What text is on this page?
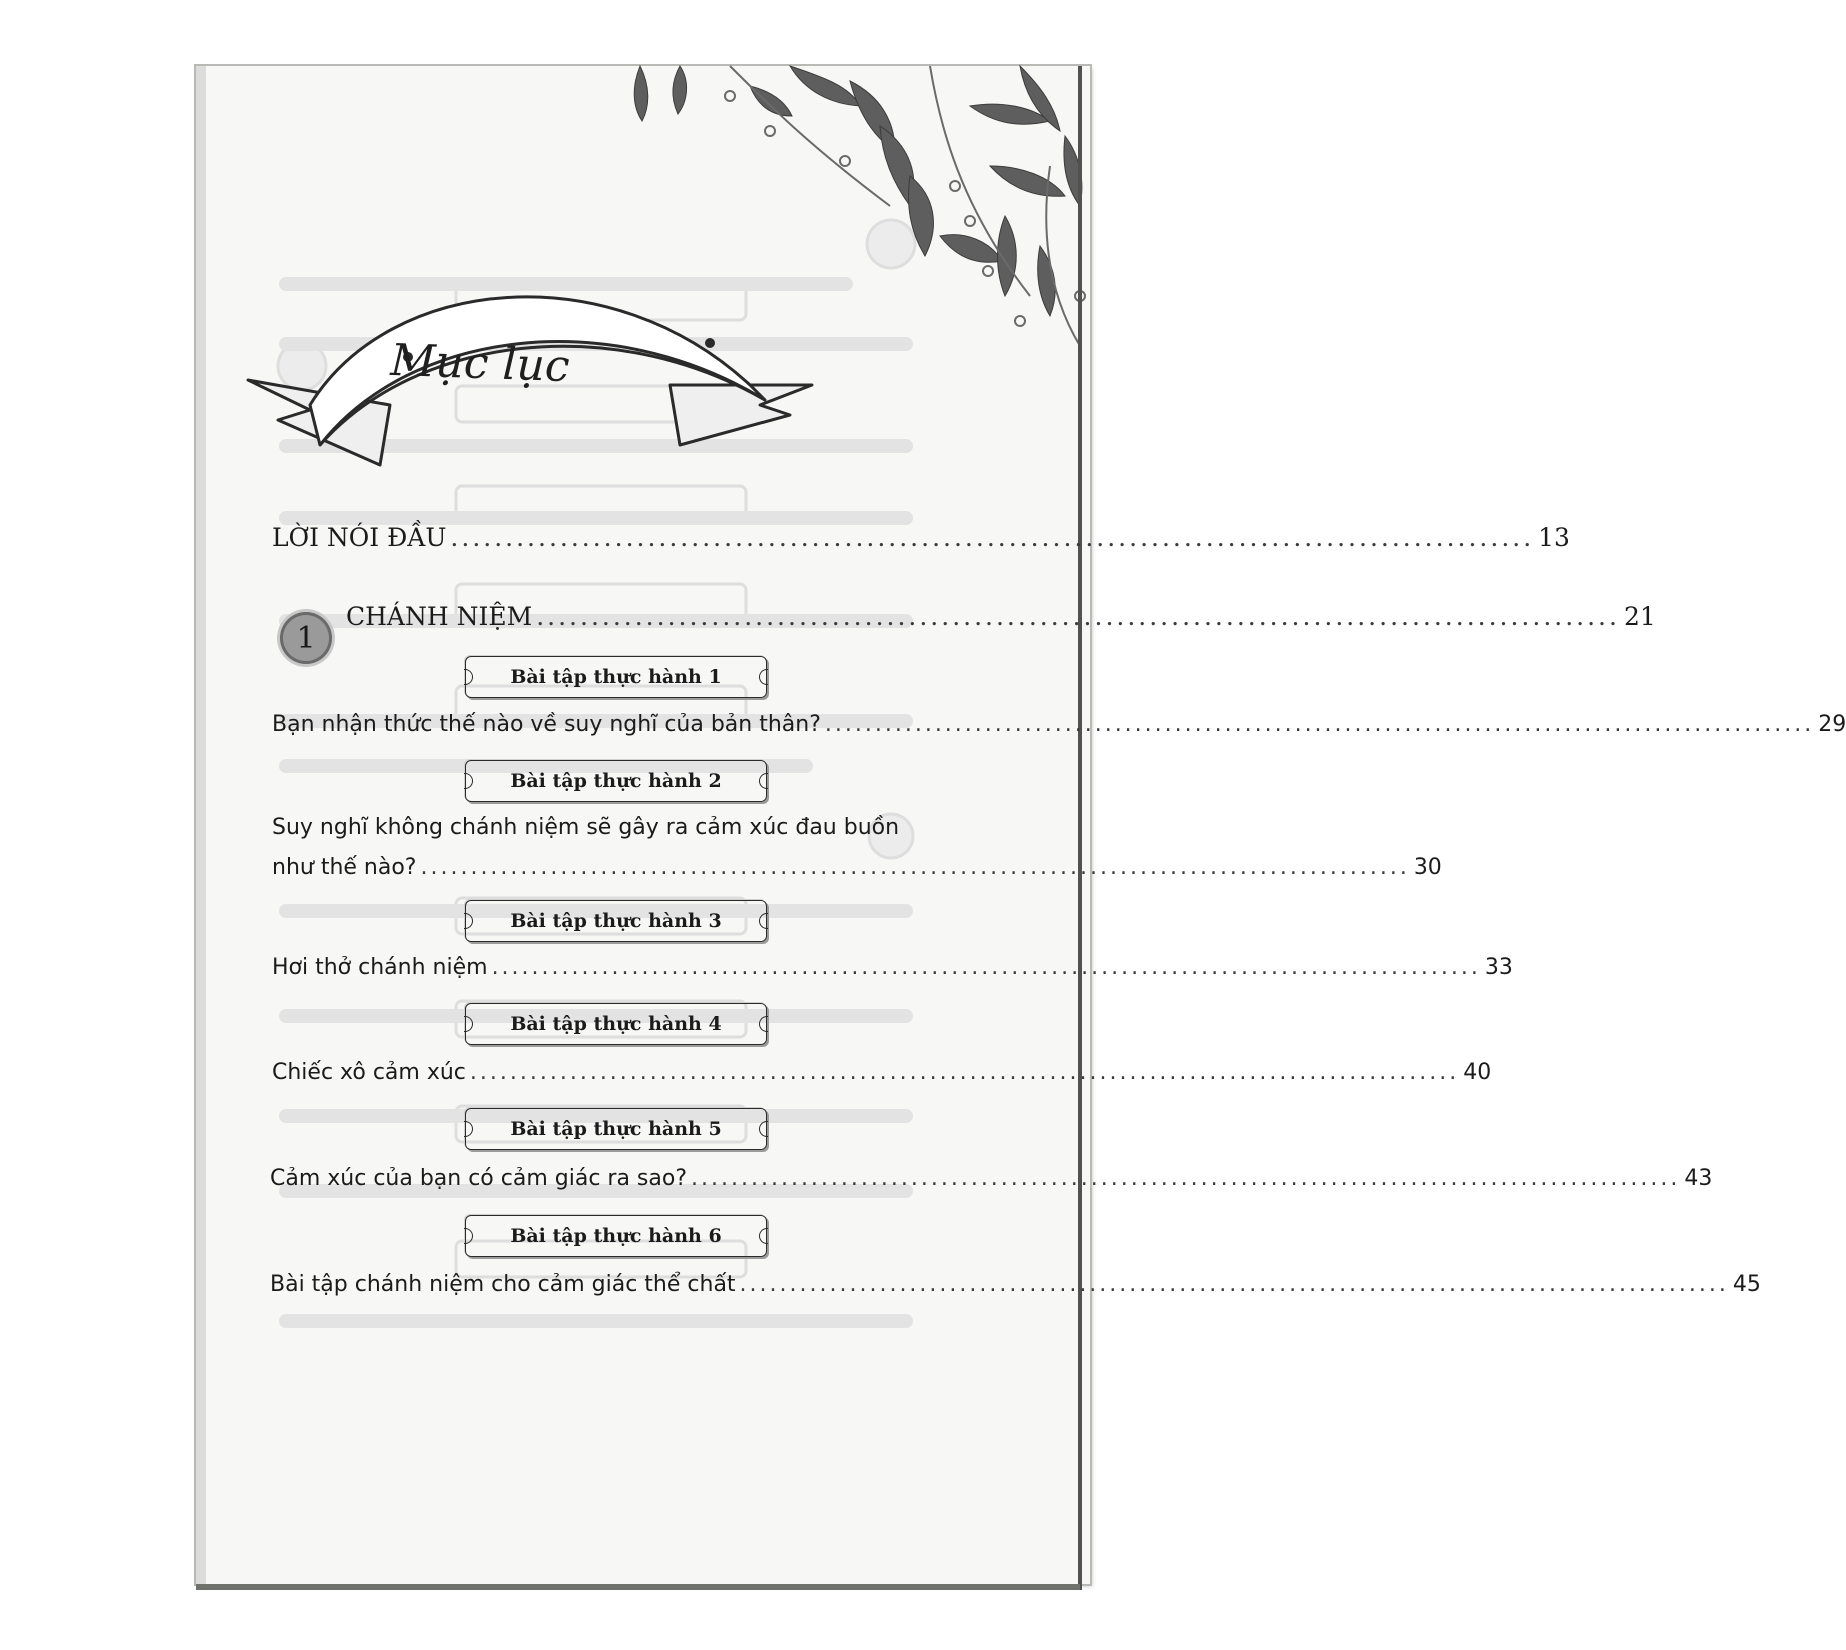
Mục lục
LỜI NÓI ĐẦU ................................................................................................... 13
1
CHÁNH NIỆM ................................................................................................... 21
Bài tập thực hành 1
Bạn nhận thức thế nào về suy nghĩ của bản thân? ................................................................................................... 29
Bài tập thực hành 2
Suy nghĩ không chánh niệm sẽ gây ra cảm xúc đau buồn
như thế nào? ................................................................................................... 30
Bài tập thực hành 3
Hơi thở chánh niệm ................................................................................................... 33
Bài tập thực hành 4
Chiếc xô cảm xúc ................................................................................................... 40
Bài tập thực hành 5
Cảm xúc của bạn có cảm giác ra sao? ................................................................................................... 43
Bài tập thực hành 6
Bài tập chánh niệm cho cảm giác thể chất ................................................................................................... 45
